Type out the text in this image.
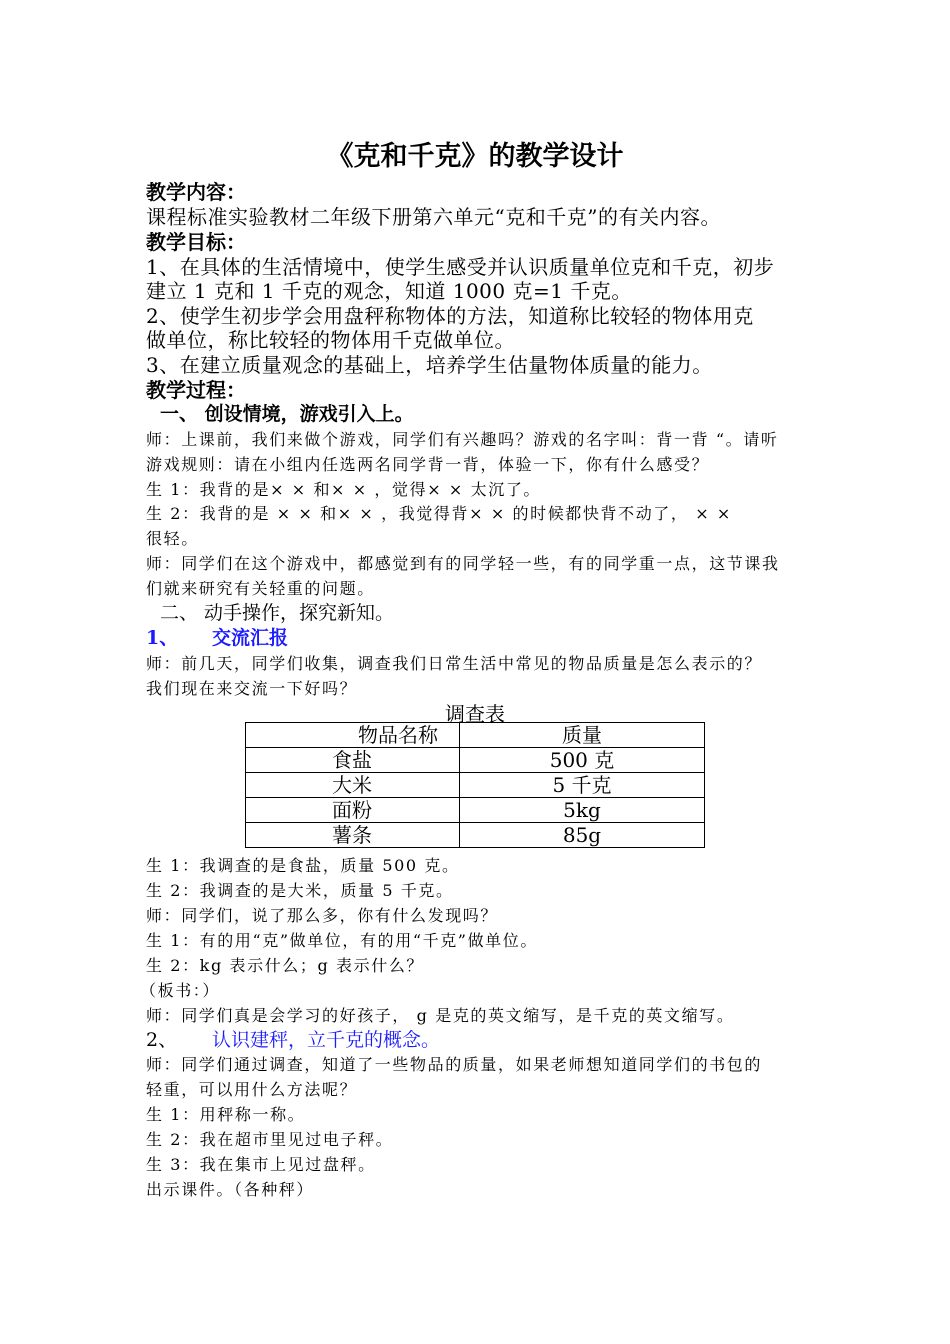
《克和千克》的教学设计
教学内容：
课程标准实验教材二年级下册第六单元“克和千克”的有关内容。
教学目标：
1、在具体的生活情境中，使学生感受并认识质量单位克和千克，初步
建立 1 克和 1 千克的观念，知道 1000 克=1 千克。
2、使学生初步学会用盘秤称物体的方法，知道称比较轻的物体用克
做单位，称比较轻的物体用千克做单位。
3、在建立质量观念的基础上，培养学生估量物体质量的能力。
教学过程：
一、 创设情境，游戏引入上。
师：上课前，我们来做个游戏，同学们有兴趣吗？游戏的名字叫：背一背 “。请听
游戏规则：请在小组内任选两名同学背一背，体验一下，你有什么感受？
生 1：我背的是× × 和× × ，觉得× × 太沉了。
生 2：我背的是 × × 和× × ，我觉得背× × 的时候都快背不动了， × ×
很轻。
师：同学们在这个游戏中，都感觉到有的同学轻一些，有的同学重一点，这节课我
们就来研究有关轻重的问题。
二、 动手操作，探究新知。
1、 交流汇报
师：前几天，同学们收集，调查我们日常生活中常见的物品质量是怎么表示的？
我们现在来交流一下好吗？
调查表
物品名称	质量
食盐	500 克
大米	5 千克
面粉	5kg
薯条	85g
生 1：我调查的是食盐，质量 500 克。
生 2：我调查的是大米，质量 5 千克。
师：同学们，说了那么多，你有什么发现吗？
生 1：有的用“克”做单位，有的用“千克”做单位。
生 2：kg 表示什么；g 表示什么？
（板书：）
师：同学们真是会学习的好孩子， g 是克的英文缩写，是千克的英文缩写。
2、 认识建秤，立千克的概念。
师：同学们通过调查，知道了一些物品的质量，如果老师想知道同学们的书包的
轻重，可以用什么方法呢？
生 1：用秤称一称。
生 2：我在超市里见过电子秤。
生 3：我在集市上见过盘秤。
出示课件。（各种秤）
